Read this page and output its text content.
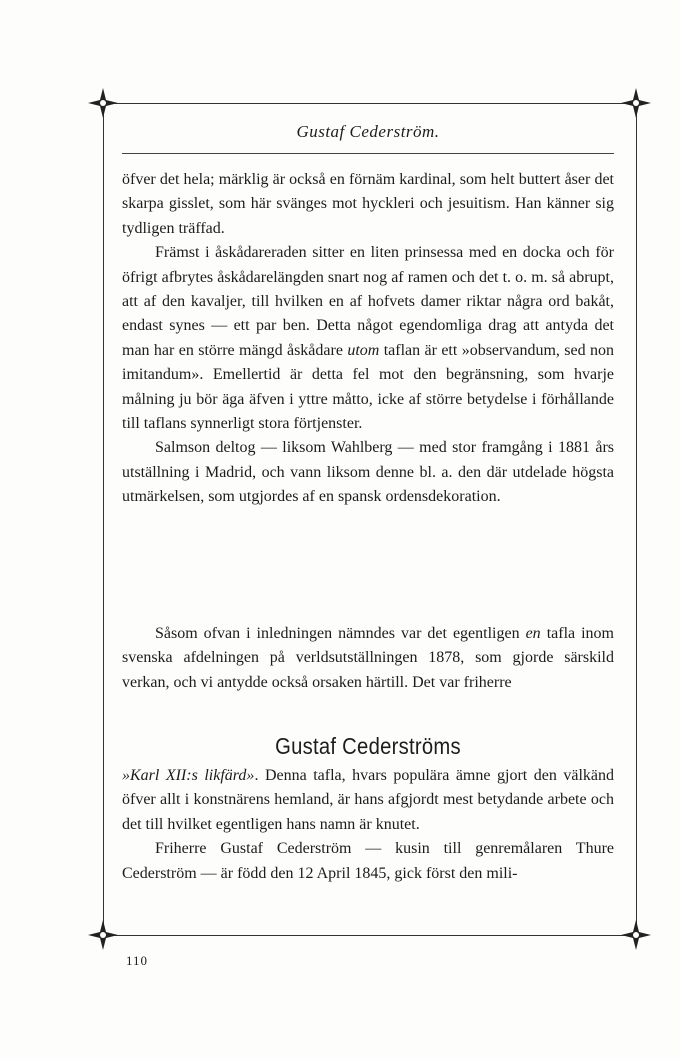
Gustaf Cederström.

öfver det hela; märklig är också en förnäm kardinal, som helt buttert åser det skarpa gisslet, som här svänges mot hyckleri och jesuitism. Han känner sig tydligen träffad.

Främst i åskådareraden sitter en liten prinsessa med en docka och för öfrigt afbrytes åskådarelängden snart nog af ramen och det t. o. m. så abrupt, att af den kavaljer, till hvilken en af hofvets damer riktar några ord bakåt, endast synes — ett par ben. Detta något egendomliga drag att antyda det man har en större mängd åskådare utom taflan är ett »observandum, sed non imitandum». Emellertid är detta fel mot den begränsning, som hvarje målning ju bör äga äfven i yttre måtto, icke af större betydelse i förhållande till taflans synnerligt stora förtjenster.

Salmson deltog — liksom Wahlberg — med stor framgång i 1881 års utställning i Madrid, och vann liksom denne bl. a. den där utdelade högsta utmärkelsen, som utgjordes af en spansk ordensdekoration.

Såsom ofvan i inledningen nämndes var det egentligen en tafla inom svenska afdelningen på verldsutställningen 1878, som gjorde särskild verkan, och vi antydde också orsaken härtill. Det var friherre

Gustaf Cederströms

»Karl XII:s likfärd». Denna tafla, hvars populära ämne gjort den välkänd öfver allt i konstnärens hemland, är hans afgjordt mest betydande arbete och det till hvilket egentligen hans namn är knutet.

Friherre Gustaf Cederström — kusin till genremålaren Thure Cederström — är född den 12 April 1845, gick först den mili-

110
